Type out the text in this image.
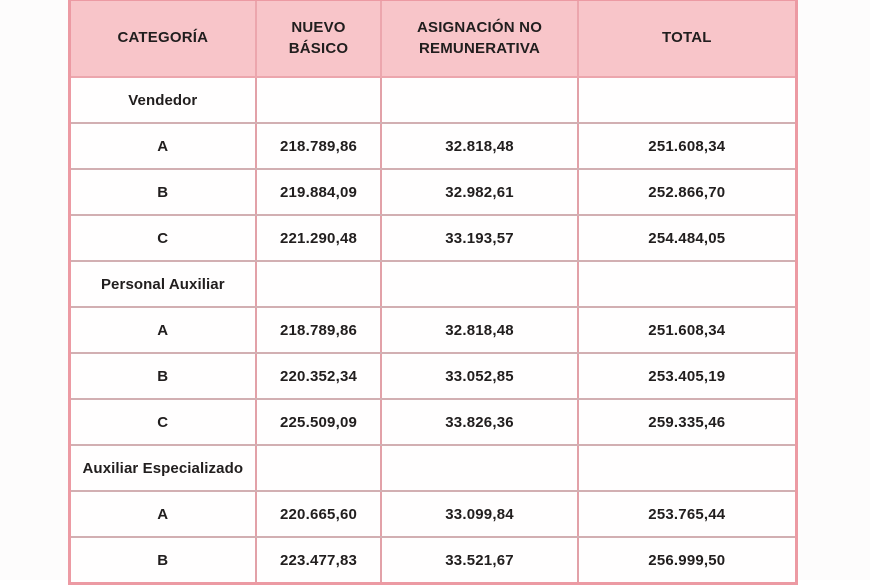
CATEGORÍA	NUEVO BÁSICO	ASIGNACIÓN NO REMUNERATIVA	TOTAL
Vendedor			
A	218.789,86	32.818,48	251.608,34
B	219.884,09	32.982,61	252.866,70
C	221.290,48	33.193,57	254.484,05
Personal Auxiliar			
A	218.789,86	32.818,48	251.608,34
B	220.352,34	33.052,85	253.405,19
C	225.509,09	33.826,36	259.335,46
Auxiliar Especializado			
A	220.665,60	33.099,84	253.765,44
B	223.477,83	33.521,67	256.999,50
